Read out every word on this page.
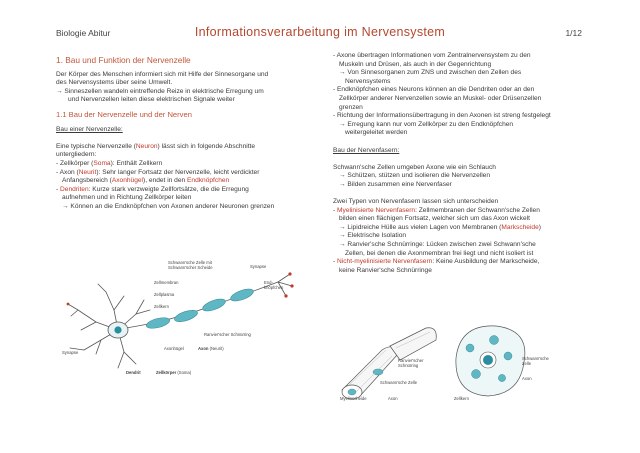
Biologie Abitur	Informationsverarbeitung im Nervensystem	1/12
1. Bau und Funktion der Nervenzelle
Der Körper des Menschen informiert sich mit Hilfe der Sinnesorgane und
des Nervensystems über seine Umwelt.
→ Sinneszellen wandeln eintreffende Reize in elektrische Erregung um
und Nervenzellen leiten diese elektrischen Signale weiter
1.1 Bau der Nervenzelle und der Nerven
Bau einer Nervenzelle:
Eine typische Nervenzelle (Neuron) lässt sich in folgende Abschnitte
untergliedern:
- Zellkörper (Soma): Enthält Zellkern
- Axon (Neurit): Sehr langer Fortsatz der Nervenzelle, leicht verdickter
Anfangsbereich (Axonhügel), endet in den Endknöpfchen
- Dendriten: Kurze stark verzweigte Zellfortsätze, die die Erregung
aufnehmen und in Richtung Zellkörper leiten
→ Können an die Endknöpfchen von Axonen anderer Neuronen grenzen
Schwann'sche Zelle mit
Schwann'scher Scheide	Synapse
End-
knöpfchen
Zellmembran
Zellplasma
Zellkern
Ranvier'scher Schnürring
Axonhügel	Axon (Neurit)
Synapse
Dendrit	Zellkörper (Soma)
- Axone übertragen Informationen vom Zentralnervensystem zu den
Muskeln und Drüsen, als auch in der Gegenrichtung
→ Von Sinnesorganen zum ZNS und zwischen den Zellen des
Nervensystems
- Endknöpfchen eines Neurons können an die Dendriten oder an den
Zellkörper anderer Nervenzellen sowie an Muskel- oder Drüsenzellen
grenzen
- Richtung der Informationsübertragung in den Axonen ist streng festgelegt
→ Erregung kann nur vom Zellkörper zu den Endknöpfchen
weitergeleitet werden
Bau der Nervenfasern:
Schwann'sche Zellen umgeben Axone wie ein Schlauch
→ Schützen, stützen und isolieren die Nervenzellen
→ Bilden zusammen eine Nervenfaser
Zwei Typen von Nervenfasern lassen sich unterscheiden
- Myelinisierte Nervenfasern: Zellmembranen der Schwann'sche Zellen
bilden einen flächigen Fortsatz, welcher sich um das Axon wickelt
→ Lipidreiche Hülle aus vielen Lagen von Membranen (Markscheide)
→ Elektrische Isolation
→ Ranvier'sche Schnürringe: Lücken zwischen zwei Schwann'sche
Zellen, bei denen die Axonmembran frei liegt und nicht isoliert ist
- Nicht-myelinisierte Nervenfasern: Keine Ausbildung der Markscheide,
keine Ranvier'sche Schnürringe
Ranvier'scher
Schnürring
Schwann'sche Zelle
Myelinscheide	Axon
Schwann'sche
Zelle
Axon
Zellkern
